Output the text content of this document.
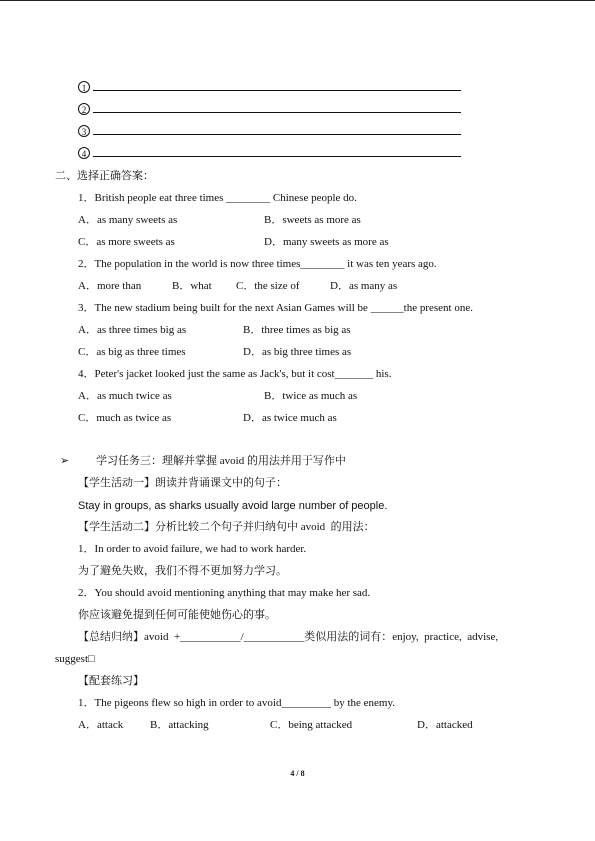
1
2
3
4
二、选择正确答案：
1．British people eat three times ________ Chinese people do.
A．as many sweets as	B．sweets as more as
C．as more sweets as	D．many sweets as more as
2．The population in the world is now three times________ it was ten years ago.
A．more than	B．what C．the size of	D．as many as
3．The new stadium being built for the next Asian Games will be ______the present one.
A．as three times big as	B．three times as big as
C．as big as three times	D．as big three times as
4．Peter's jacket looked just the same as Jack's, but it cost_______ his.
A．as much twice as	B．twice as much as
C．much as twice as	D．as twice much as
➢ 学习任务三：理解并掌握 avoid 的用法并用于写作中
【学生活动一】朗读并背诵课文中的句子：
Stay in groups, as sharks usually avoid large number of people.
【学生活动二】分析比较二个句子并归纳句中 avoid  的用法：
1．In order to avoid failure, we had to work harder.
为了避免失败，我们不得不更加努力学习。
2．You should avoid mentioning anything that may make her sad.
你应该避免提到任何可能使她伤心的事。
【总结归纳】avoid  +___________/___________类似用法的词有：enjoy,  practice,  advise,
suggest□
【配套练习】
1．The pigeons flew so high in order to avoid_________ by the enemy.
A．attack B．attacking	C．being attacked	D．attacked
4 / 8
